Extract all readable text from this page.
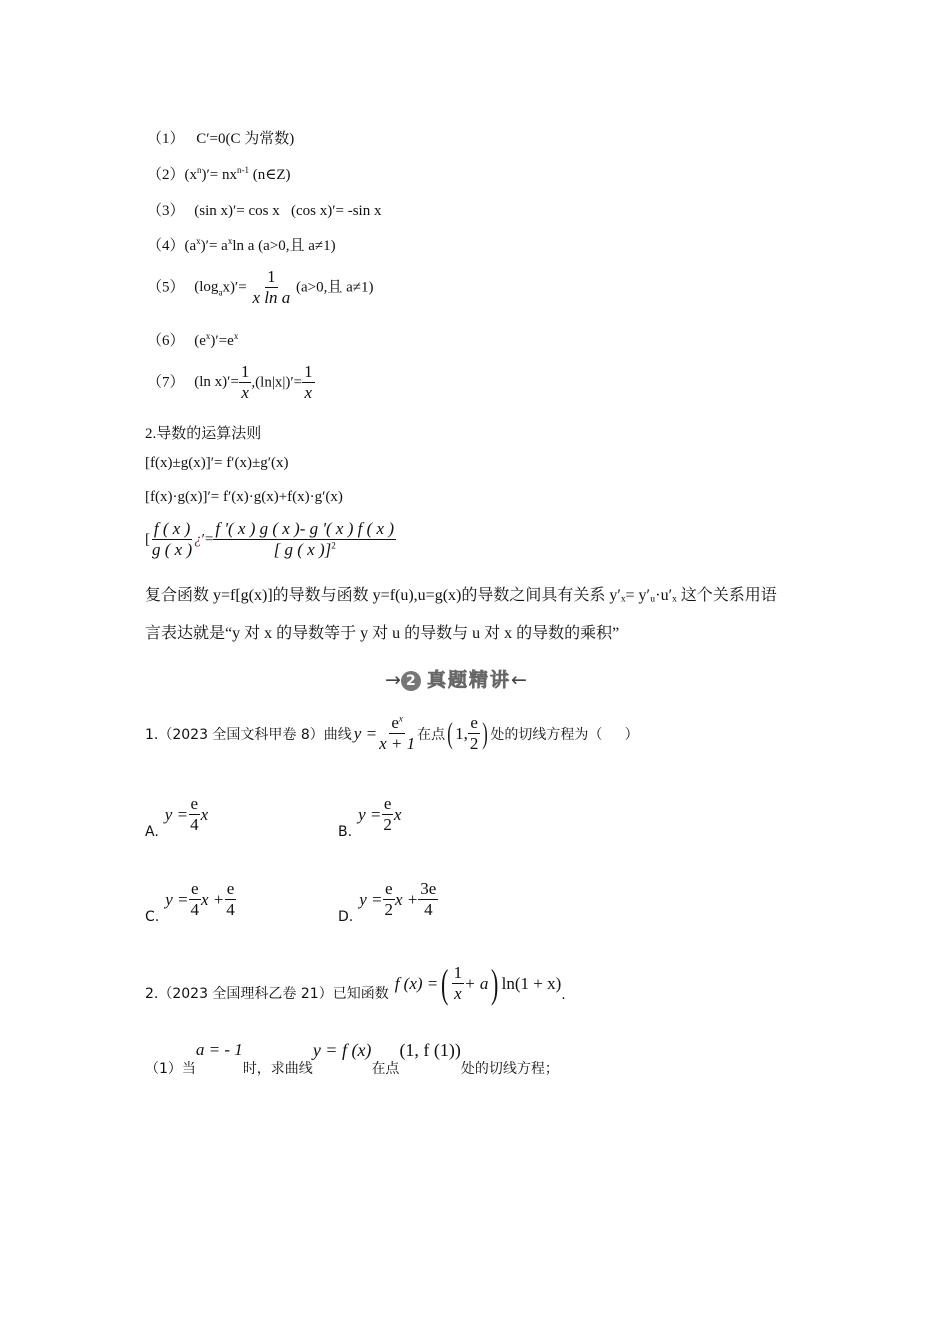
（1） C′=0(C 为常数)
$(2)(x^n)'= nx^{n-1}$ (n∈Z)
（3） (sin x)′= cos x   (cos x)′= -sin x
$(4)(a^x)'= a^x\ln$ a (a>0,且 a≠1)
（5） $(\log_ax)'= \frac{1}{\text{x ln a}} (a>0$,且 a≠1)
（6） $(e^x)'=e^x$
（7） (ln $x)'= \frac{1}{x} ,(\ln|x|)'= \frac{1}{x}$
2.导数的运算法则
[f(x)±g(x)]′= f′(x)±g′(x)
[f(x)·g(x)]′= f′(x)·g(x)+f(x)·g′(x)
[ $\frac{f ( x )}{g ( x )}$ ¿′= $\frac{f '( x ) g ( x )- g '( x ) f ( x )}{[ g ( x )]^2}$
复合函数 y=f[g(x)]的导数与函数 y=f(u),u=g(x)的导数之间具有关系 y′ₓ= y′ᵤ·u′ₓ 这个关系用语
言表达就是“y 对 x 的导数等于 y 对 u 的导数与 u 对 x 的导数的乘积”
→ 2 真题精讲←
1.（2023 全国文科甲卷 8）曲线 $y = \frac{e^x}{x + 1}$ 在点 ( 1, $\frac{e}{2}$ ) 处的切线方程为（     ）
A.
$y = \frac{e}{4}$ x
B.
$y = \frac{e}{2}$ x
C.
$y = \frac{e}{4}$ $x + \frac{e}{4}$	D.
$y = \frac{e}{2}$ $x + \frac{3e}{4}$
2.（2023 全国理科乙卷 21）已知函数
f (x) = ( $\frac{1}{x} + a$ ) ln(1 + x)
.
（1）当
a = - 1
时，求曲线
y = f (x)
在点
(1, f (1))
处的切线方程；
